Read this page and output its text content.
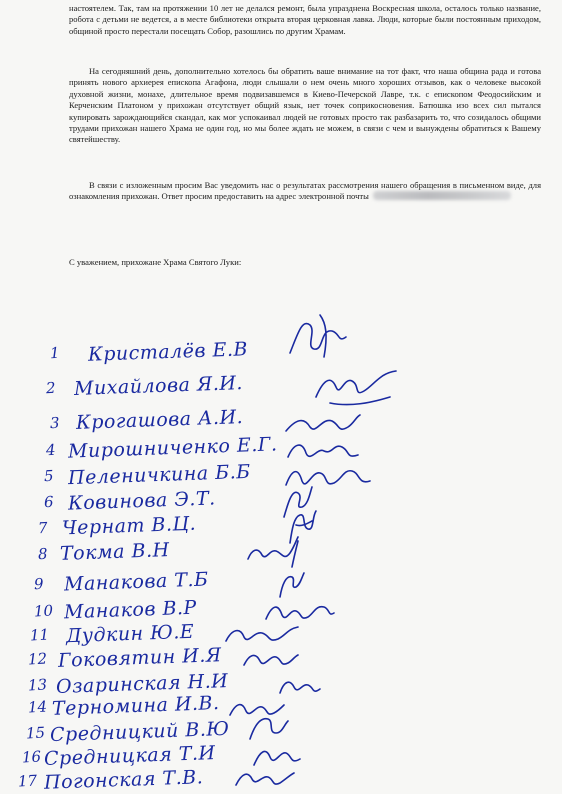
настоятелем. Так, там на протяжении 10 лет не делался ремонт, была упразднена Воскресная школа, осталось только название, робота с детьми не ведется, а в месте библиотеки открыта вторая церковная лавка. Люди, которые были постоянным приходом, общиной просто перестали посещать Собор, разошлись по другим Храмам.

На сегодняшний день, дополнительно хотелось бы обратить ваше внимание на тот факт, что наша община рада и готова принять нового архиерея епископа Агафона, люди слышали о нем очень много хороших отзывов, как о человеке высокой духовной жизни, монахе, длительное время подвизавшемся в Киево-Печерской Лавре, т.к. с епископом Феодосийским и Керченским Платоном у прихожан отсутствует общий язык, нет точек соприкосновения. Батюшка изо всех сил пытался купировать зарождающийся скандал, как мог успокаивал людей не готовых просто так разбазарить то, что созидалось общими трудами прихожан нашего Храма не один год, но мы более ждать не можем, в связи с чем и вынуждены обратиться к Вашему святейшеству.

В связи с изложенным просим Вас уведомить нас о результатах рассмотрения нашего обращения в письменном виде, для ознакомления прихожан. Ответ просим предоставить на адрес электронной почты

С уважением, прихожане Храма Святого Луки:

1 Кристалёв Е.В
2 Михайлова Я.И.
3 Крогашова А.И.
4 Мирошниченко Е.Г.
5 Пеленичкина Б.Б
6 Ковинова Э.Т.
7 Чернат В.Ц.
8 Токма В.Н
9 Манакова Т.Б
10 Манаков В.Р
11 Дудкин Ю.Е
12 Гоковятин И.Я
13 Озаринская Н.И
14 Терномина И.В.
15 Средницкий В.Ю
16 Средницкая Т.И
17 Погонская Т.В.
